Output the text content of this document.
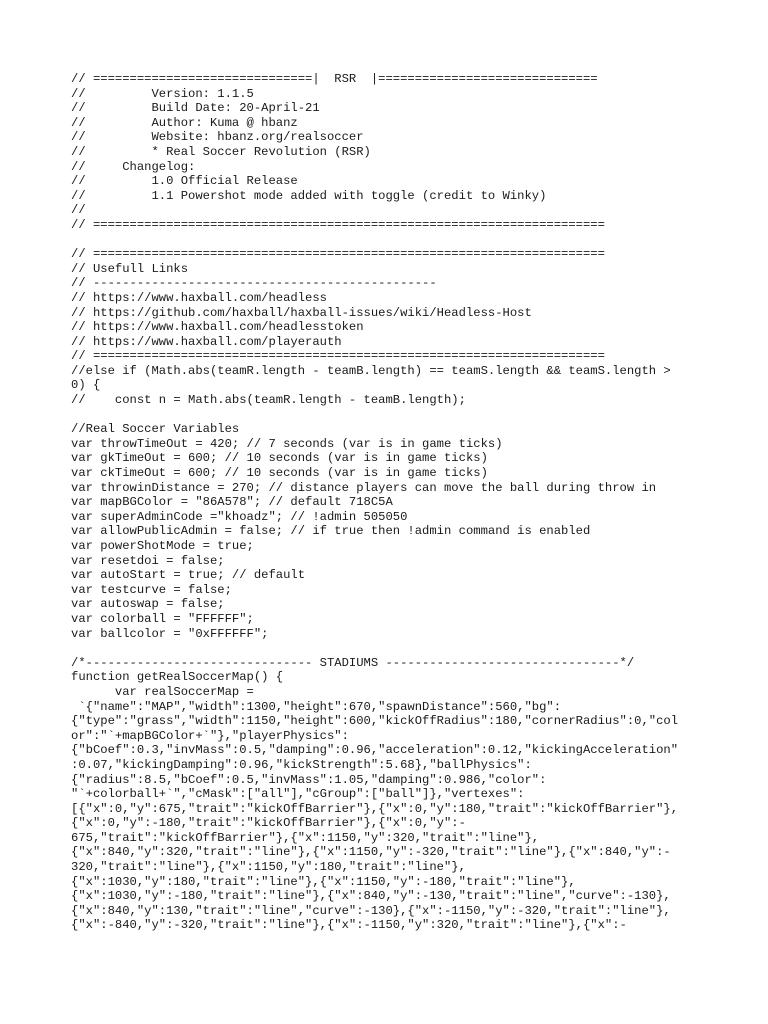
// ==============================|  RSR  |==============================
//         Version: 1.1.5
//         Build Date: 20-April-21
//         Author: Kuma @ hbanz
//         Website: hbanz.org/realsoccer
//         * Real Soccer Revolution (RSR)
//     Changelog:
//         1.0 Official Release
//         1.1 Powershot mode added with toggle (credit to Winky)
//
// ======================================================================
// ======================================================================
// Usefull Links
// -----------------------------------------------
// https://www.haxball.com/headless
// https://github.com/haxball/haxball-issues/wiki/Headless-Host
// https://www.haxball.com/headlesstoken
// https://www.haxball.com/playerauth
// ======================================================================
//else if (Math.abs(teamR.length - teamB.length) == teamS.length && teamS.length >
0) {
//    const n = Math.abs(teamR.length - teamB.length);
//Real Soccer Variables
var throwTimeOut = 420; // 7 seconds (var is in game ticks)
var gkTimeOut = 600; // 10 seconds (var is in game ticks)
var ckTimeOut = 600; // 10 seconds (var is in game ticks)
var throwinDistance = 270; // distance players can move the ball during throw in
var mapBGColor = "86A578"; // default 718C5A
var superAdminCode ="khoadz"; // !admin 505050
var allowPublicAdmin = false; // if true then !admin command is enabled
var powerShotMode = true;
var resetdoi = false;
var autoStart = true; // default
var testcurve = false;
var autoswap = false;
var colorball = "FFFFFF";
var ballcolor = "0xFFFFFF";
/*------------------------------- STADIUMS --------------------------------*/
function getRealSoccerMap() {
var realSoccerMap =
`{"name":"MAP","width":1300,"height":670,"spawnDistance":560,"bg":
{"type":"grass","width":1150,"height":600,"kickOffRadius":180,"cornerRadius":0,"col
or":"`+mapBGColor+`"},"playerPhysics":
{"bCoef":0.3,"invMass":0.5,"damping":0.96,"acceleration":0.12,"kickingAcceleration"
:0.07,"kickingDamping":0.96,"kickStrength":5.68},"ballPhysics":
{"radius":8.5,"bCoef":0.5,"invMass":1.05,"damping":0.986,"color":
"`+colorball+`","cMask":["all"],"cGroup":["ball"]},"vertexes":
[{"x":0,"y":675,"trait":"kickOffBarrier"},{"x":0,"y":180,"trait":"kickOffBarrier"},
{"x":0,"y":-180,"trait":"kickOffBarrier"},{"x":0,"y":-
675,"trait":"kickOffBarrier"},{"x":1150,"y":320,"trait":"line"},
{"x":840,"y":320,"trait":"line"},{"x":1150,"y":-320,"trait":"line"},{"x":840,"y":-
320,"trait":"line"},{"x":1150,"y":180,"trait":"line"},
{"x":1030,"y":180,"trait":"line"},{"x":1150,"y":-180,"trait":"line"},
{"x":1030,"y":-180,"trait":"line"},{"x":840,"y":-130,"trait":"line","curve":-130},
{"x":840,"y":130,"trait":"line","curve":-130},{"x":-1150,"y":-320,"trait":"line"},
{"x":-840,"y":-320,"trait":"line"},{"x":-1150,"y":320,"trait":"line"},{"x":-
